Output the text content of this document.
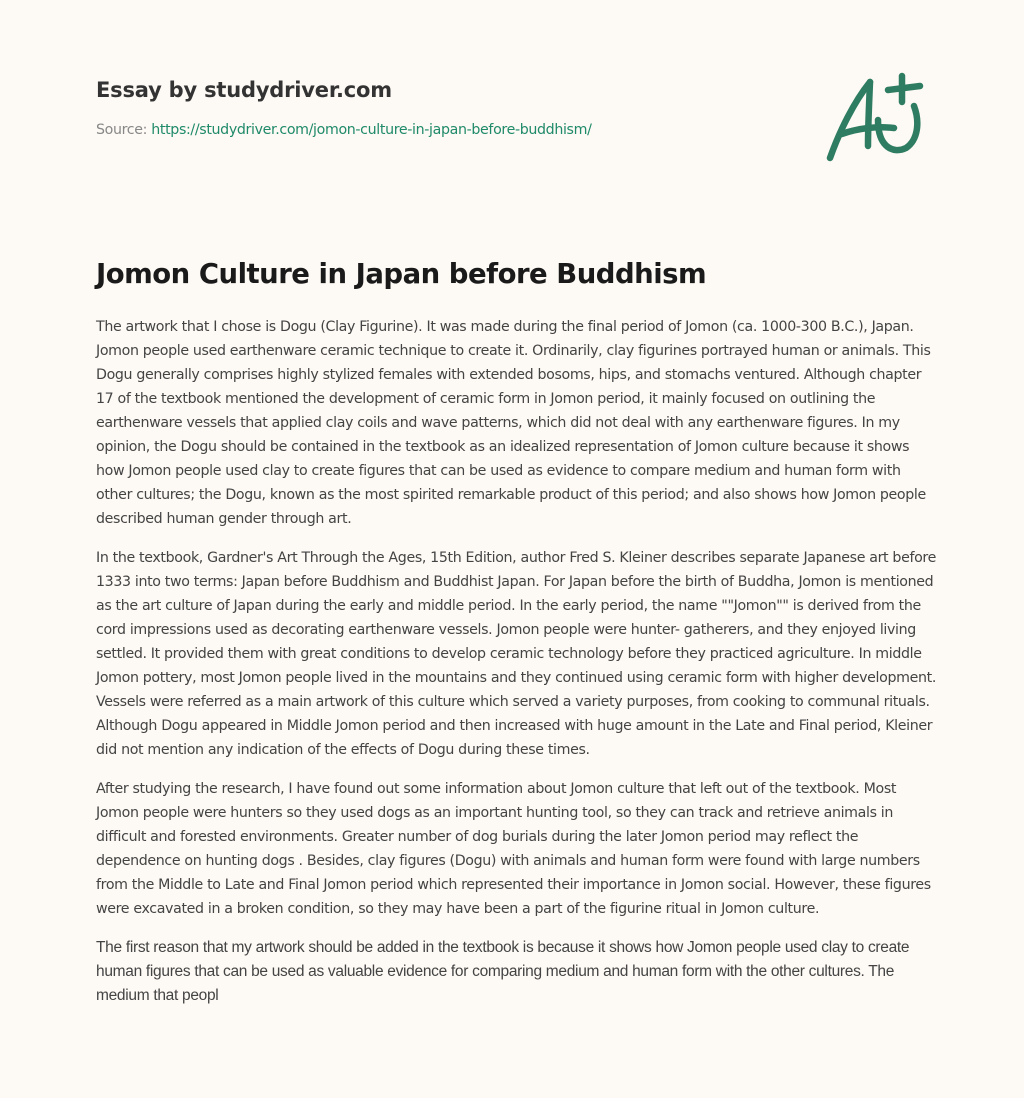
Essay by studydriver.com
Source: https://studydriver.com/jomon-culture-in-japan-before-buddhism/
Jomon Culture in Japan before Buddhism

The artwork that I chose is Dogu (Clay Figurine). It was made during the final period of Jomon (ca. 1000-300 B.C.), Japan. Jomon people used earthenware ceramic technique to create it. Ordinarily, clay figurines portrayed human or animals. This Dogu generally comprises highly stylized females with extended bosoms, hips, and stomachs ventured. Although chapter 17 of the textbook mentioned the development of ceramic form in Jomon period, it mainly focused on outlining the earthenware vessels that applied clay coils and wave patterns, which did not deal with any earthenware figures. In my opinion, the Dogu should be contained in the textbook as an idealized representation of Jomon culture because it shows how Jomon people used clay to create figures that can be used as evidence to compare medium and human form with other cultures; the Dogu, known as the most spirited remarkable product of this period; and also shows how Jomon people described human gender through art.

In the textbook, Gardner's Art Through the Ages, 15th Edition, author Fred S. Kleiner describes separate Japanese art before 1333 into two terms: Japan before Buddhism and Buddhist Japan. For Japan before the birth of Buddha, Jomon is mentioned as the art culture of Japan during the early and middle period. In the early period, the name ""Jomon"" is derived from the cord impressions used as decorating earthenware vessels. Jomon people were hunter- gatherers, and they enjoyed living settled. It provided them with great conditions to develop ceramic technology before they practiced agriculture. In middle Jomon pottery, most Jomon people lived in the mountains and they continued using ceramic form with higher development. Vessels were referred as a main artwork of this culture which served a variety purposes, from cooking to communal rituals. Although Dogu appeared in Middle Jomon period and then increased with huge amount in the Late and Final period, Kleiner did not mention any indication of the effects of Dogu during these times.

After studying the research, I have found out some information about Jomon culture that left out of the textbook. Most Jomon people were hunters so they used dogs as an important hunting tool, so they can track and retrieve animals in difficult and forested environments. Greater number of dog burials during the later Jomon period may reflect the dependence on hunting dogs . Besides, clay figures (Dogu) with animals and human form were found with large numbers from the Middle to Late and Final Jomon period which represented their importance in Jomon social. However, these figures were excavated in a broken condition, so they may have been a part of the figurine ritual in Jomon culture.

The first reason that my artwork should be added in the textbook is because it shows how Jomon people used clay to create human figures that can be used as valuable evidence for comparing medium and human form with the other cultures. The medium that peopl
